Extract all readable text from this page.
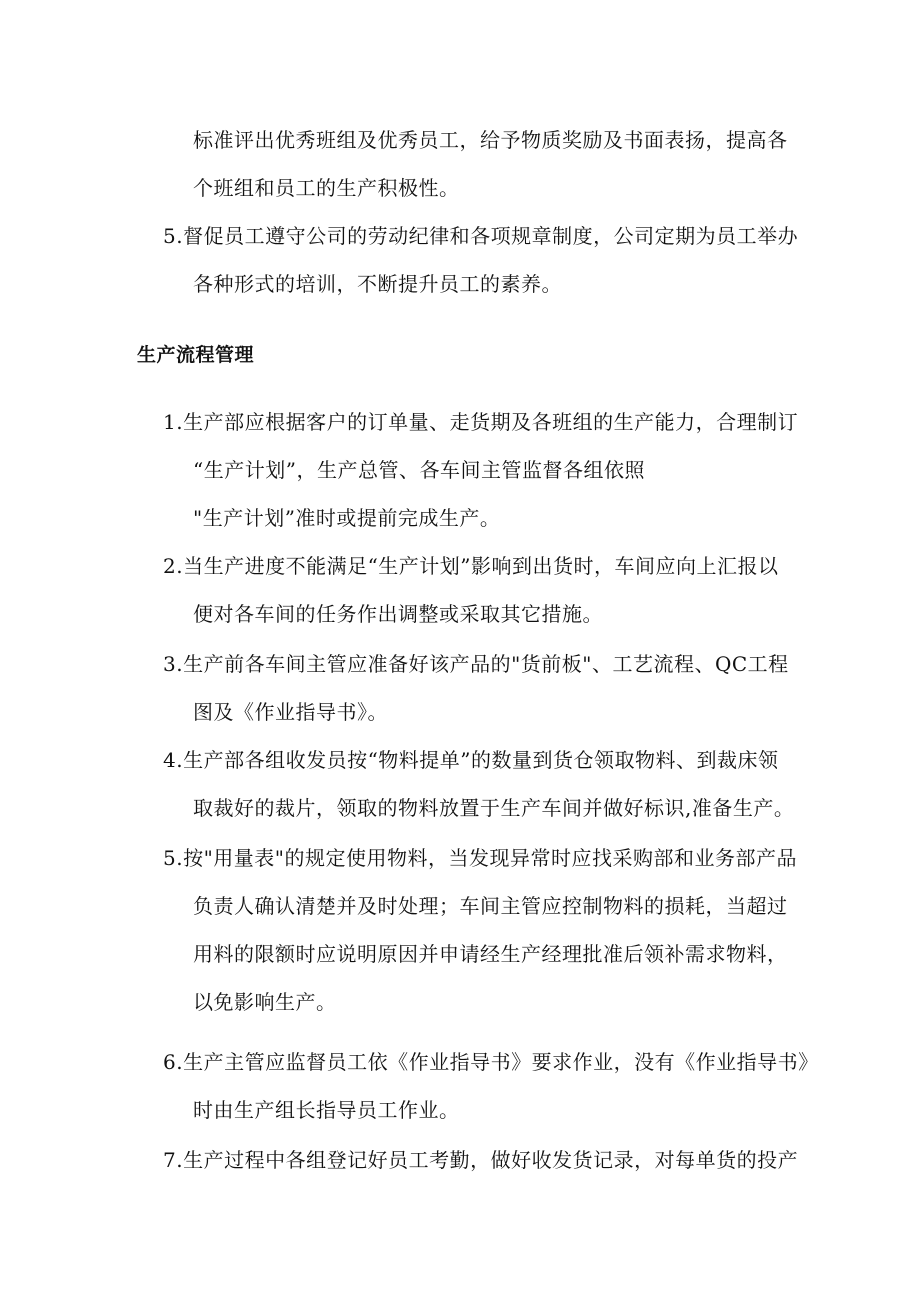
标准评出优秀班组及优秀员工，给予物质奖励及书面表扬，提高各
个班组和员工的生产积极性。
5.督促员工遵守公司的劳动纪律和各项规章制度，公司定期为员工举办
各种形式的培训，不断提升员工的素养。
生产流程管理
1.生产部应根据客户的订单量、走货期及各班组的生产能力，合理制订
“生产计划”，生产总管、各车间主管监督各组依照
"生产计划”准时或提前完成生产。
2.当生产进度不能满足“生产计划”影响到出货时，车间应向上汇报以
便对各车间的任务作出调整或采取其它措施。
3.生产前各车间主管应准备好该产品的"货前板"、工艺流程、QC工程
图及《作业指导书》。
4.生产部各组收发员按“物料提单”的数量到货仓领取物料、到裁床领
取裁好的裁片，领取的物料放置于生产车间并做好标识,准备生产。
5.按"用量表"的规定使用物料，当发现异常时应找采购部和业务部产品
负责人确认清楚并及时处理；车间主管应控制物料的损耗，当超过
用料的限额时应说明原因并申请经生产经理批准后领补需求物料，
以免影响生产。
6.生产主管应监督员工依《作业指导书》要求作业，没有《作业指导书》
时由生产组长指导员工作业。
7.生产过程中各组登记好员工考勤，做好收发货记录，对每单货的投产
